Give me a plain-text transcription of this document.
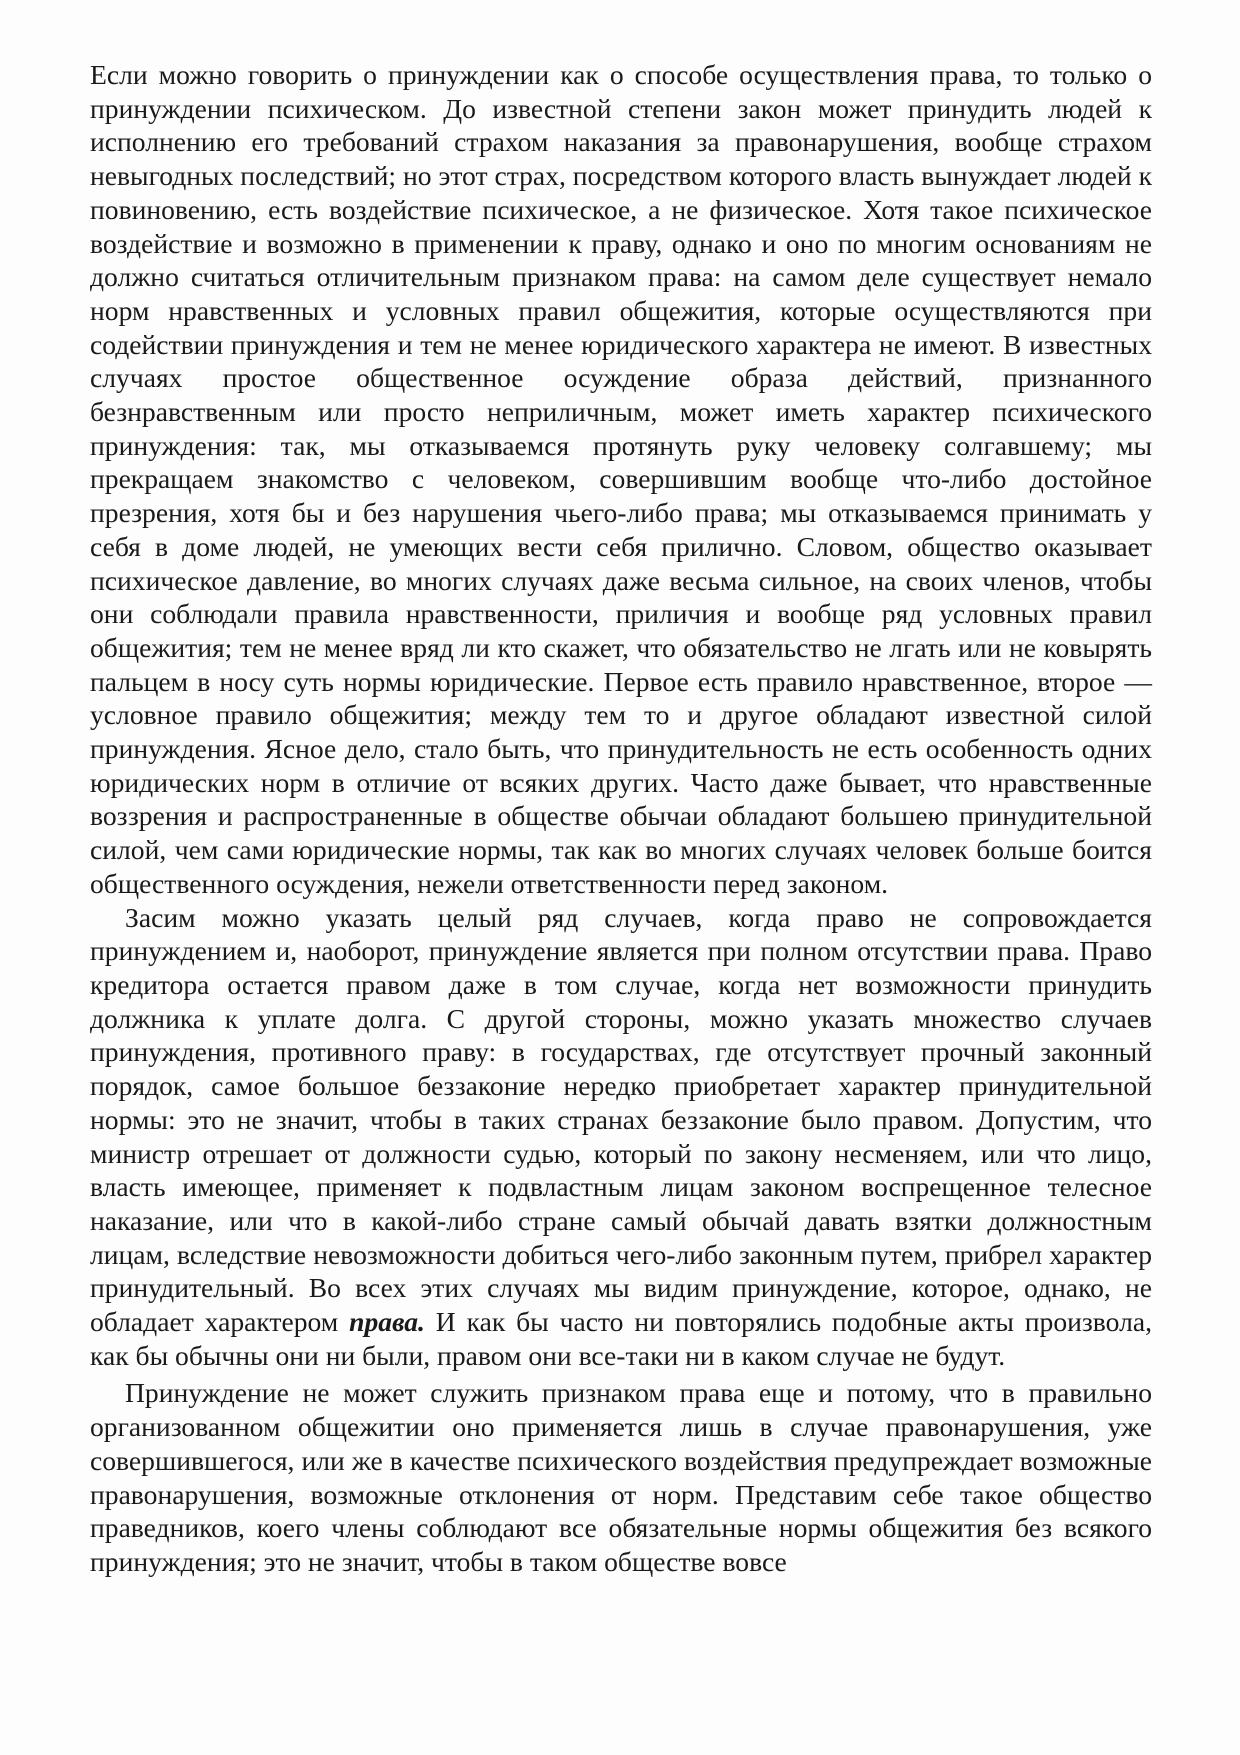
Если можно говорить о принуждении как о способе осуществления права, то только о принуждении психическом. До известной степени закон может принудить людей к исполнению его требований страхом наказания за правонарушения, вообще страхом невыгодных последствий; но этот страх, посредством которого власть вынуждает людей к повиновению, есть воздействие психическое, а не физическое. Хотя такое психическое воздействие и возможно в применении к праву, однако и оно по многим основаниям не должно считаться отличительным признаком права: на самом деле существует немало норм нравственных и условных правил общежития, которые осуществляются при содействии принуждения и тем не менее юридического характера не имеют. В известных случаях простое общественное осуждение образа действий, признанного безнравственным или просто неприличным, может иметь характер психического принуждения: так, мы отказываемся протянуть руку человеку солгавшему; мы прекращаем знакомство с человеком, совершившим вообще что-либо достойное презрения, хотя бы и без нарушения чьего-либо права; мы отказываемся принимать у себя в доме людей, не умеющих вести себя прилично. Словом, общество оказывает психическое давление, во многих случаях даже весьма сильное, на своих членов, чтобы они соблюдали правила нравственности, приличия и вообще ряд условных правил общежития; тем не менее вряд ли кто скажет, что обязательство не лгать или не ковырять пальцем в носу суть нормы юридические. Первое есть правило нравственное, второе — условное правило общежития; между тем то и другое обладают известной силой принуждения. Ясное дело, стало быть, что принудительность не есть особенность одних юридических норм в отличие от всяких других. Часто даже бывает, что нравственные воззрения и распространенные в обществе обычаи обладают большею принудительной силой, чем сами юридические нормы, так как во многих случаях человек больше боится общественного осуждения, нежели ответственности перед законом.

Засим можно указать целый ряд случаев, когда право не сопровождается принуждением и, наоборот, принуждение является при полном отсутствии права. Право кредитора остается правом даже в том случае, когда нет возможности принудить должника к уплате долга. С другой стороны, можно указать множество случаев принуждения, противного праву: в государствах, где отсутствует прочный законный порядок, самое большое беззаконие нередко приобретает характер принудительной нормы: это не значит, чтобы в таких странах беззаконие было правом. Допустим, что министр отрешает от должности судью, который по закону несменяем, или что лицо, власть имеющее, применяет к подвластным лицам законом воспрещенное телесное наказание, или что в какой-либо стране самый обычай давать взятки должностным лицам, вследствие невозможности добиться чего-либо законным путем, прибрел характер принудительный. Во всех этих случаях мы видим принуждение, которое, однако, не обладает характером права. И как бы часто ни повторялись подобные акты произвола, как бы обычны они ни были, правом они все-таки ни в каком случае не будут.

Принуждение не может служить признаком права еще и потому, что в правильно организованном общежитии оно применяется лишь в случае правонарушения, уже совершившегося, или же в качестве психического воздействия предупреждает возможные правонарушения, возможные отклонения от норм. Представим себе такое общество праведников, коего члены соблюдают все обязательные нормы общежития без всякого принуждения; это не значит, чтобы в таком обществе вовсе
